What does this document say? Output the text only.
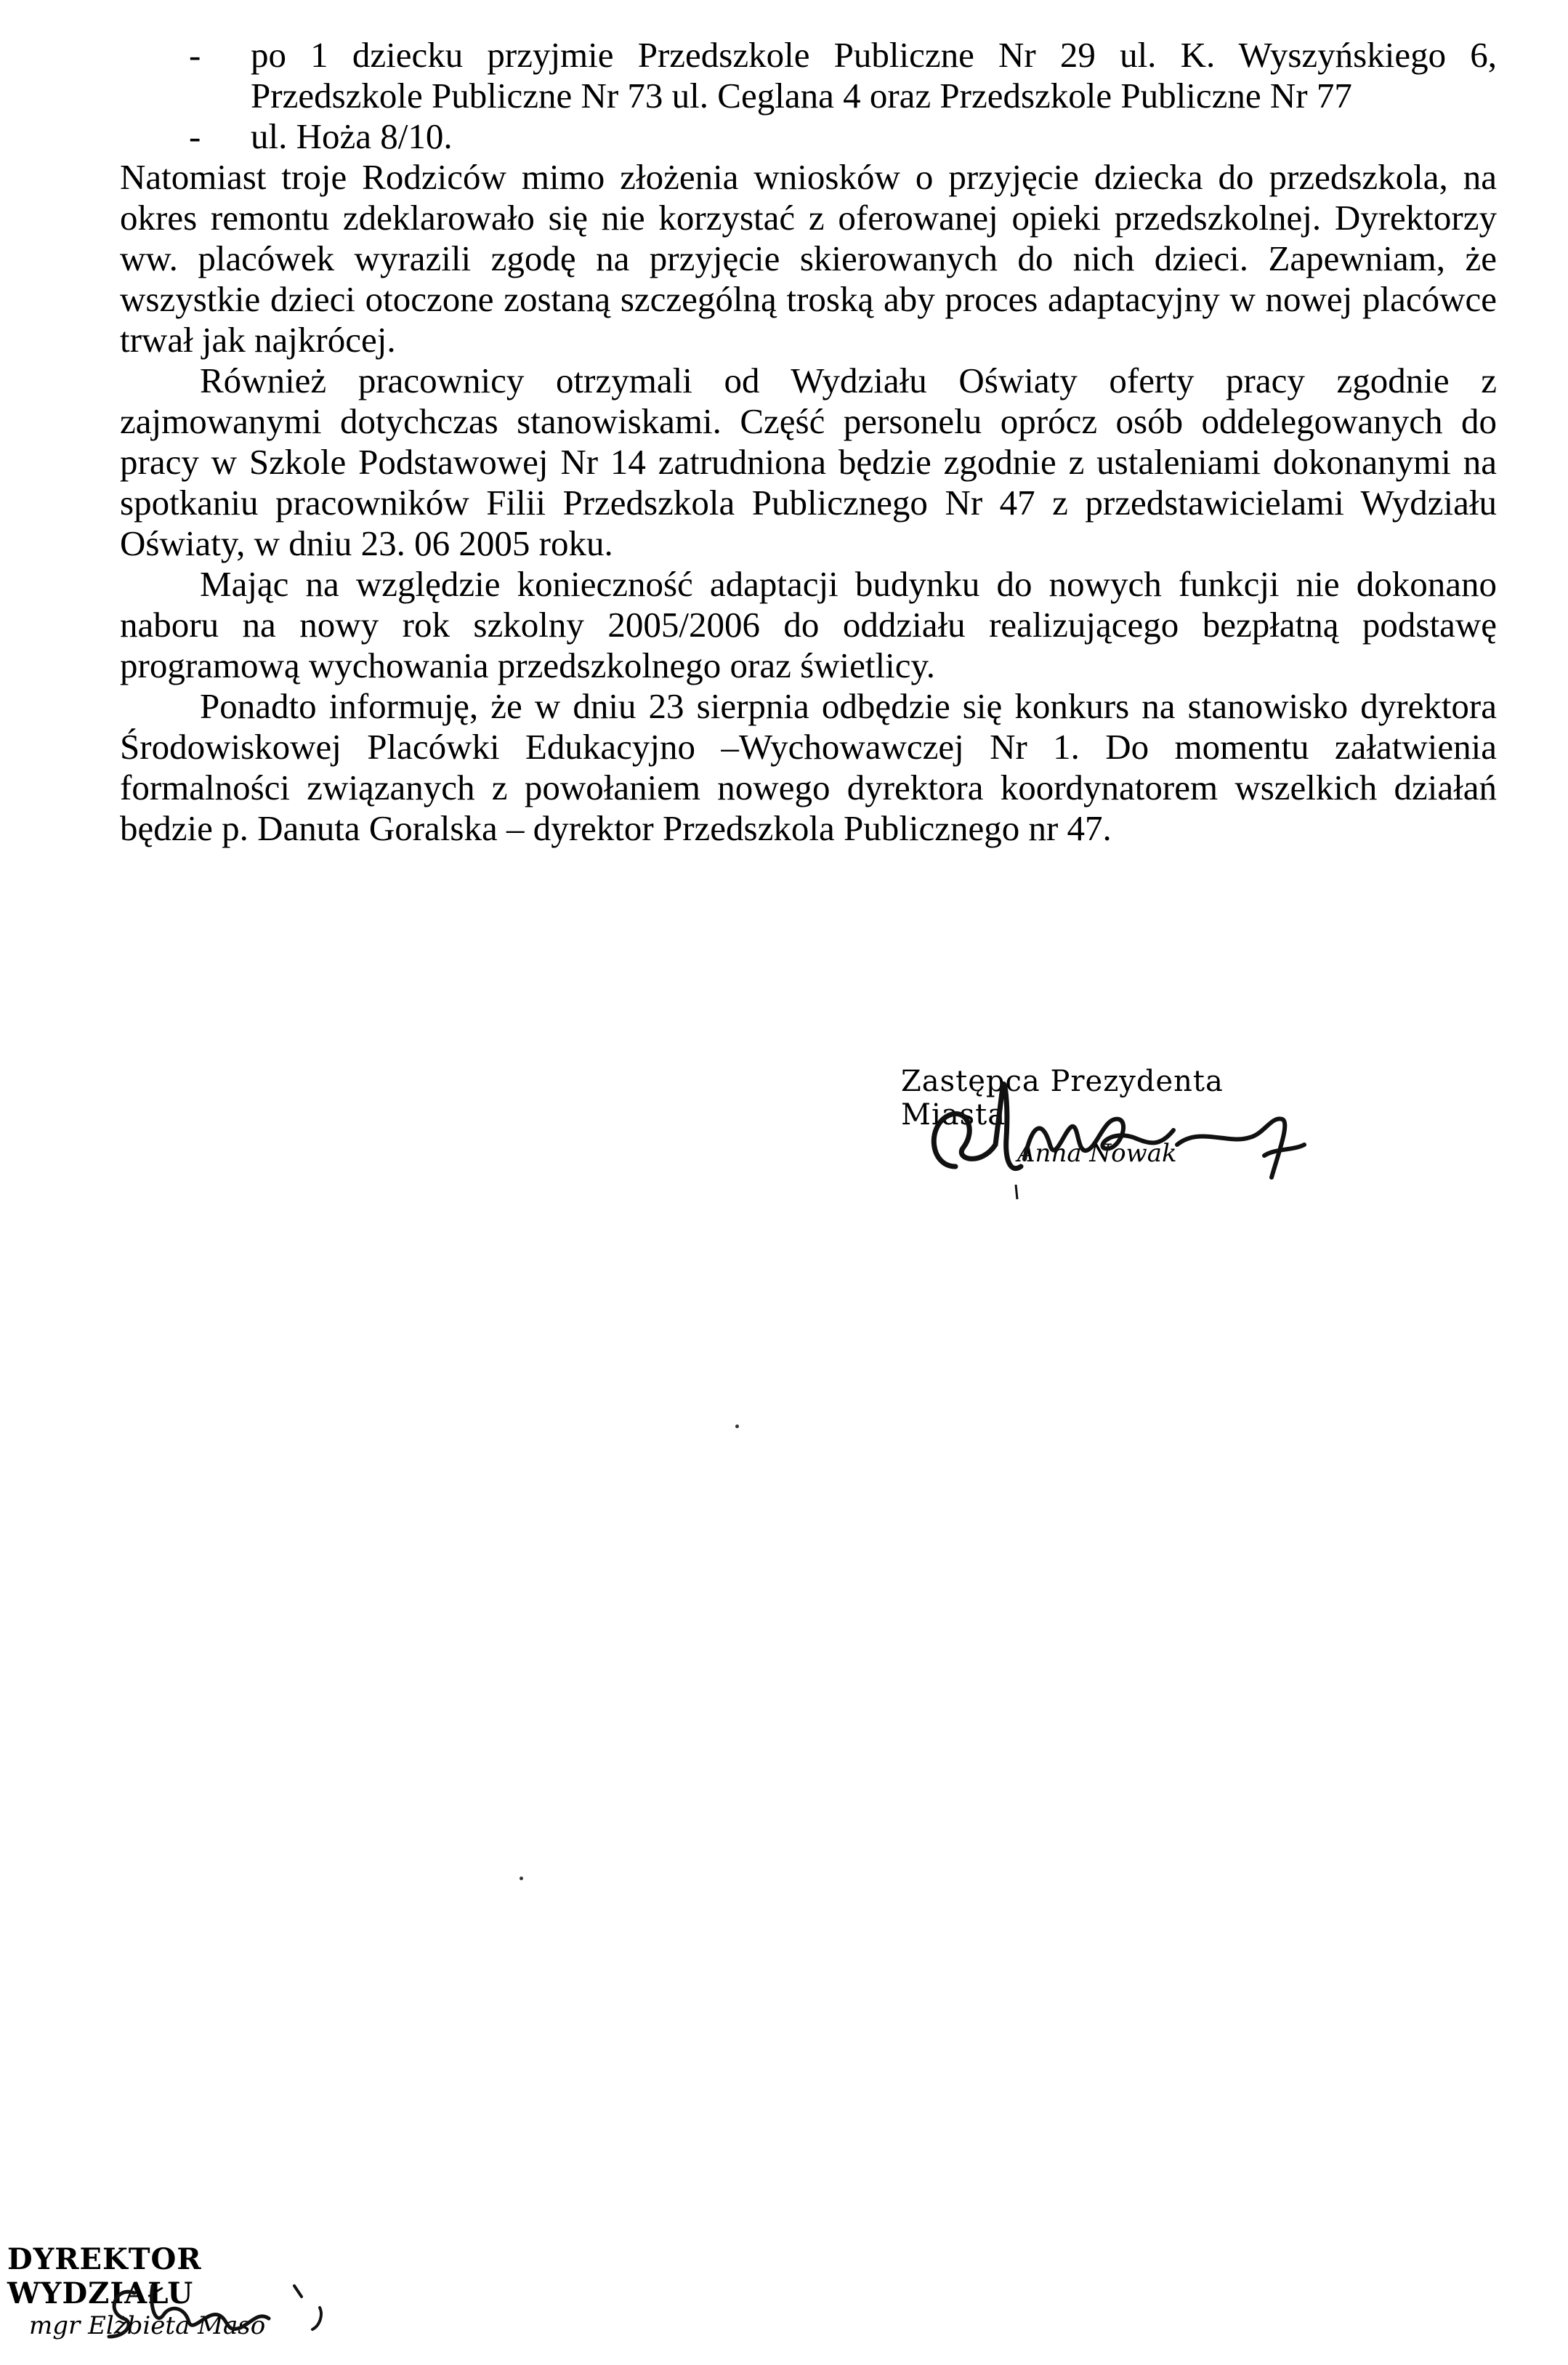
- po 1 dziecku przyjmie Przedszkole Publiczne Nr 29 ul. K. Wyszyńskiego 6, Przedszkole Publiczne Nr 73 ul. Ceglana 4 oraz Przedszkole Publiczne Nr 77
- ul. Hoża 8/10.

Natomiast troje Rodziców mimo złożenia wniosków o przyjęcie dziecka do przedszkola, na okres remontu zdeklarowało się nie korzystać z oferowanej opieki przedszkolnej. Dyrektorzy ww. placówek wyrazili zgodę na przyjęcie skierowanych do nich dzieci. Zapewniam, że wszystkie dzieci otoczone zostaną szczególną troską aby proces adaptacyjny w nowej placówce trwał jak najkrócej.

Również pracownicy otrzymali od Wydziału Oświaty oferty pracy zgodnie z zajmowanymi dotychczas stanowiskami. Część personelu oprócz osób oddelegowanych do pracy w Szkole Podstawowej Nr 14 zatrudniona będzie zgodnie z ustaleniami dokonanymi na spotkaniu pracowników Filii Przedszkola Publicznego Nr 47 z przedstawicielami Wydziału Oświaty, w dniu 23. 06 2005 roku.

Mając na względzie konieczność adaptacji budynku do nowych funkcji nie dokonano naboru na nowy rok szkolny 2005/2006 do oddziału realizującego bezpłatną podstawę programową wychowania przedszkolnego oraz świetlicy.

Ponadto informuję, że w dniu 23 sierpnia odbędzie się konkurs na stanowisko dyrektora Środowiskowej Placówki Edukacyjno –Wychowawczej Nr 1. Do momentu załatwienia formalności związanych z powołaniem nowego dyrektora koordynatorem wszelkich działań będzie p. Danuta Goralska – dyrektor Przedszkola Publicznego nr 47.

Zastępca Prezydenta Miasta
Anna Nowak
DYREKTOR WYDZIAŁU
mgr Elżbieta Maso
